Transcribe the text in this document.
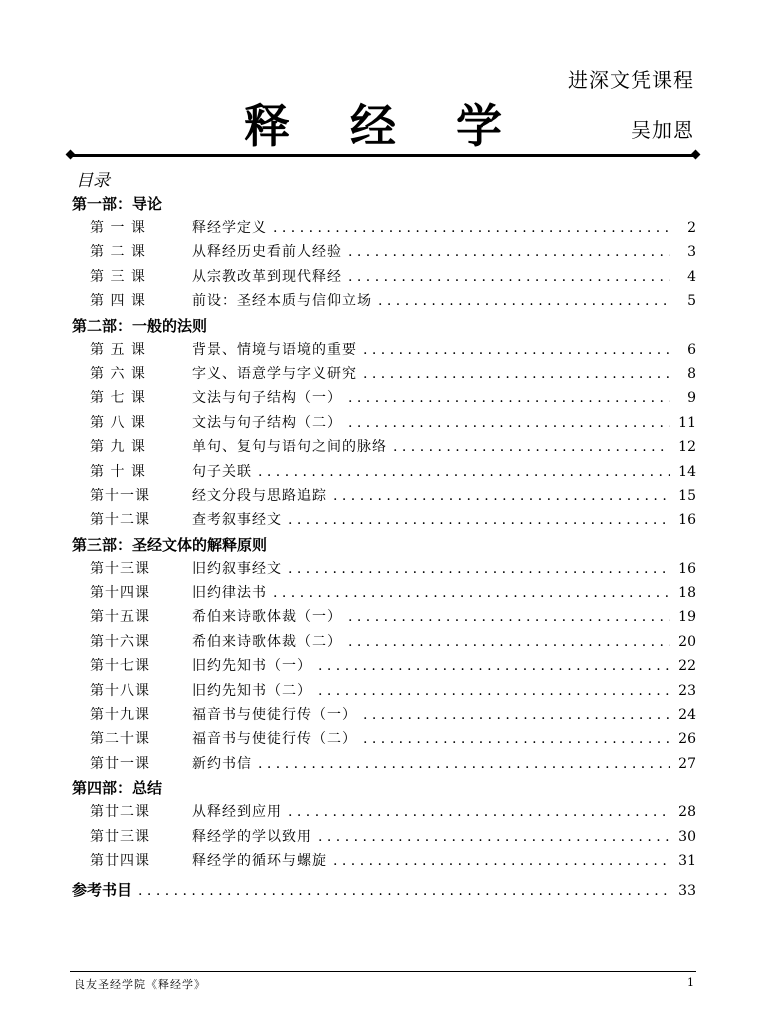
进深文凭课程
释 经 学	吴加恩
目录
第一部：导论
第 一 课	释经学定义 . . .	2
第 二 课	从释经历史看前人经验 . . .	3
第 三 课	从宗教改革到现代释经 . . .	4
第 四 课	前设：圣经本质与信仰立场 . . .	5
第二部：一般的法则
第 五 课	背景、情境与语境的重要 . . .	6
第 六 课	字义、语意学与字义研究 . . .	8
第 七 课	文法与句子结构（一） . . .	9
第 八 课	文法与句子结构（二） . . .	11
第 九 课	单句、复句与语句之间的脉络 . . .	12
第 十 课	句子关联 . . .	14
第十一课	经文分段与思路追踪 . . .	15
第十二课	查考叙事经文 . . .	16
第三部：圣经文体的解释原则
第十三课	旧约叙事经文 . . .	16
第十四课	旧约律法书 . . .	18
第十五课	希伯来诗歌体裁（一） . . .	19
第十六课	希伯来诗歌体裁（二） . . .	20
第十七课	旧约先知书（一） . . .	22
第十八课	旧约先知书（二） . . .	23
第十九课	福音书与使徒行传（一） . . .	24
第二十课	福音书与使徒行传（二） . . .	26
第廿一课	新约书信 . . .	27
第四部：总结
第廿二课	从释经到应用 . . .	28
第廿三课	释经学的学以致用 . . .	30
第廿四课	释经学的循环与螺旋 . . .	31
参考书目 . . .	33
良友圣经学院《释经学》	1
